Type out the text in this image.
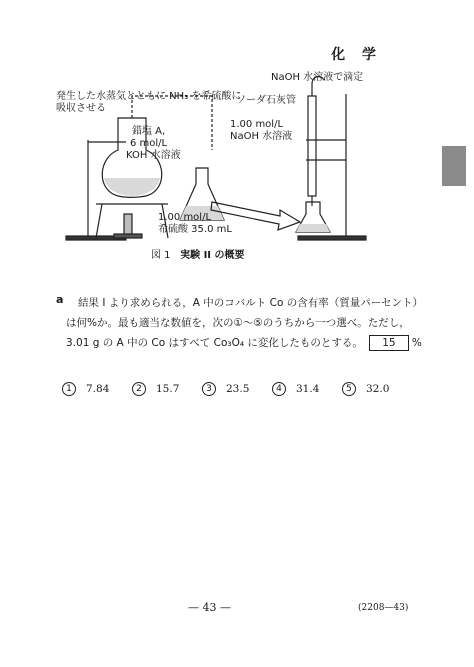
化 学
発生した水蒸気とともに NH₃ を希硫酸に
吸収させる
NaOH 水溶液で滴定
ソーダ石灰管
錯塩 A,
6 mol/L
KOH 水溶液
1.00 mol/L
NaOH 水溶液
1.00 mol/L
希硫酸 35.0 mL
図 1 実験 II の概要
a 結果 I より求められる，A 中のコバルト Co の含有率（質量パーセント）
は何%か。最も適当な数値を，次の①～⑤のうちから一つ選べ。ただし，
3.01 g の A 中の Co はすべて Co₃O₄ に変化したものとする。 15 %
1	7.84	2	15.7	3	23.5	4	31.4	5	32.0
— 43 —	(2208—43)
